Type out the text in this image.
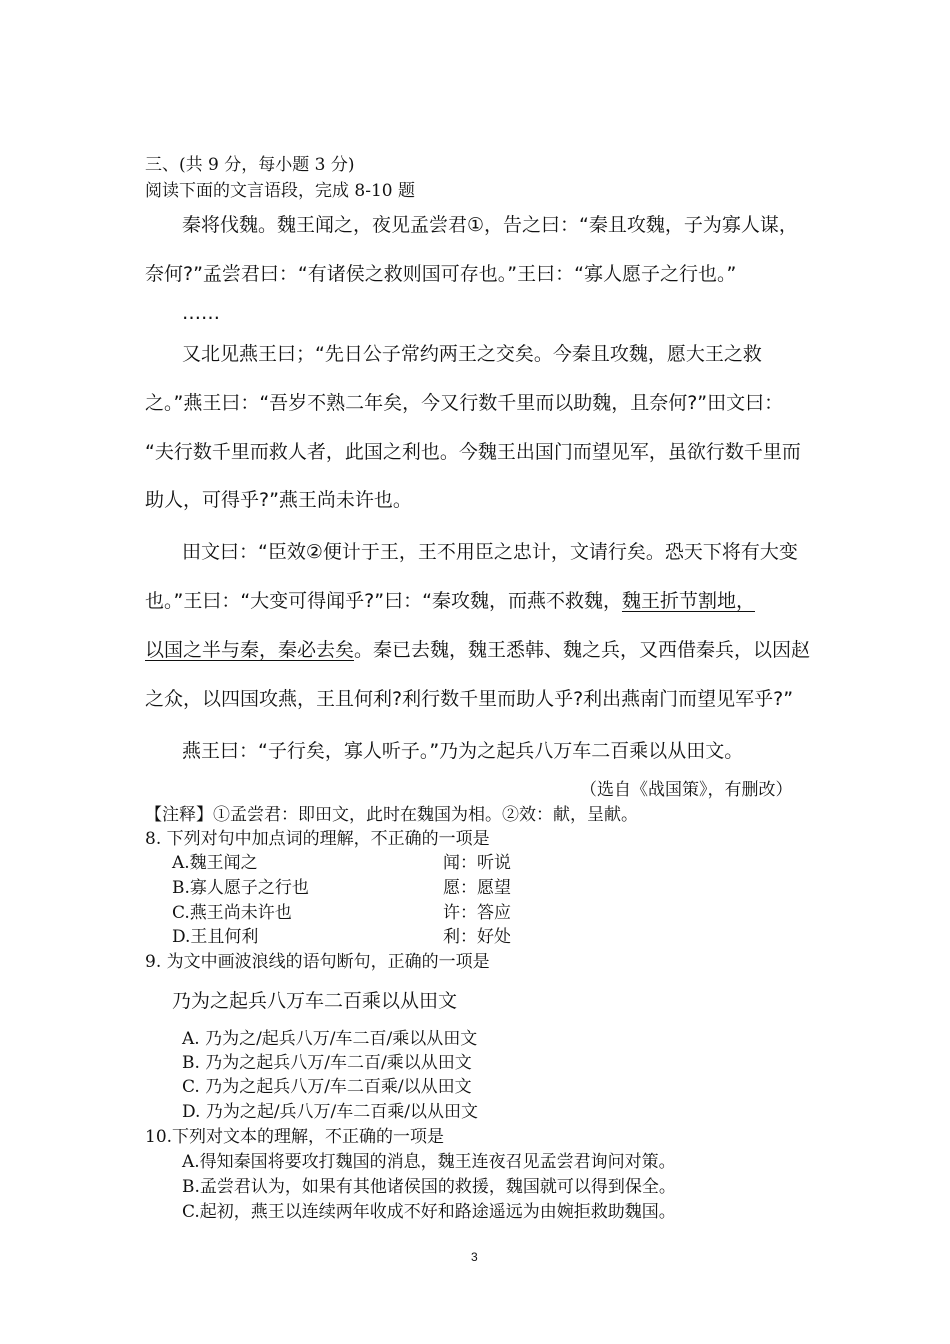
三、(共 9 分，每小题 3 分)
阅读下面的文言语段，完成 8-10 题
秦将伐魏。魏王闻之，夜见孟尝君①，告之曰：“秦且攻魏，子为寡人谋，
奈何?”孟尝君曰：“有诸侯之救则国可存也。”王曰：“寡人愿子之行也。”
……
又北见燕王曰；“先日公子常约两王之交矣。今秦且攻魏，愿大王之救
之。”燕王曰：“吾岁不熟二年矣，今又行数千里而以助魏，且奈何?”田文曰：
“夫行数千里而救人者，此国之利也。今魏王出国门而望见军，虽欲行数千里而
助人，可得乎?”燕王尚未许也。
田文曰：“臣效②便计于王，王不用臣之忠计，文请行矣。恐天下将有大变
也。”王曰：“大变可得闻乎?”曰：“秦攻魏，而燕不救魏，魏王折节割地，
以国之半与秦，秦必去矣。秦已去魏，魏王悉韩、魏之兵，又西借秦兵，以因赵
之众，以四国攻燕，王且何利?利行数千里而助人乎?利出燕南门而望见军乎?”
燕王曰：“子行矣，寡人听子。”乃为之起兵八万车二百乘以从田文。
（选自《战国策》，有删改）
【注释】①孟尝君：即田文，此时在魏国为相。②效：献，呈献。
8. 下列对句中加点词的理解，不正确的一项是
A.魏王闻之	闻：听说
B.寡人愿子之行也	愿：愿望
C.燕王尚未许也	许：答应
D.王且何利	利：好处
9. 为文中画波浪线的语句断句，正确的一项是
乃为之起兵八万车二百乘以从田文
A. 乃为之/起兵八万/车二百/乘以从田文
B. 乃为之起兵八万/车二百/乘以从田文
C. 乃为之起兵八万/车二百乘/以从田文
D. 乃为之起/兵八万/车二百乘/以从田文
10.下列对文本的理解，不正确的一项是
A.得知秦国将要攻打魏国的消息，魏王连夜召见孟尝君询问对策。
B.孟尝君认为，如果有其他诸侯国的救援，魏国就可以得到保全。
C.起初，燕王以连续两年收成不好和路途遥远为由婉拒救助魏国。
3
